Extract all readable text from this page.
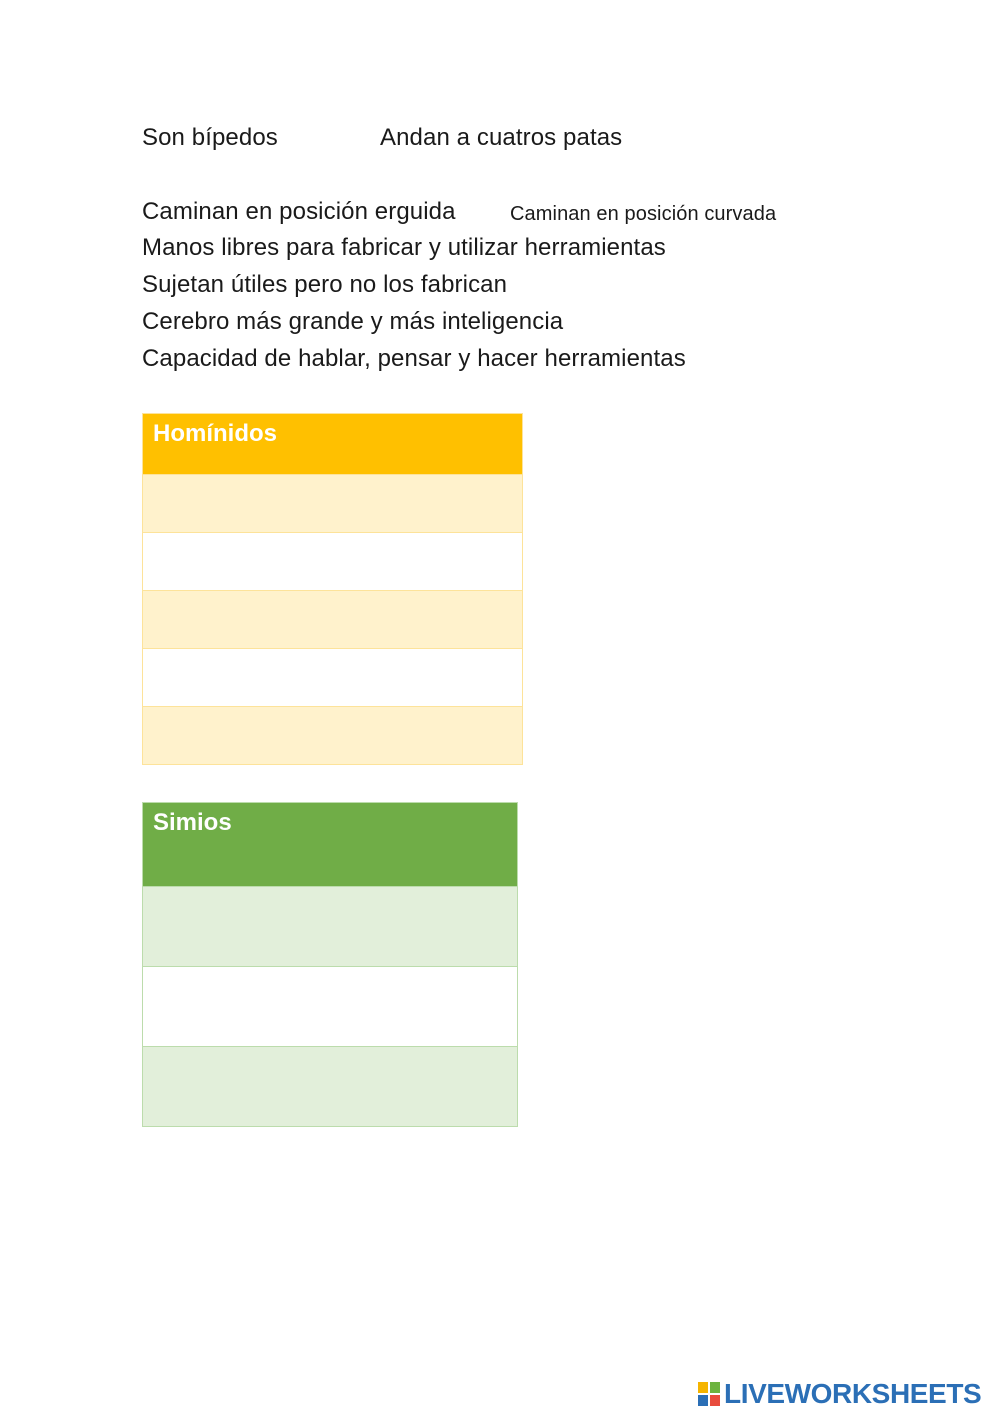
Son bípedos	Andan a cuatros patas
Caminan en posición erguida	Caminan en posición curvada
Manos libres para fabricar y utilizar herramientas
Sujetan útiles pero no los fabrican
Cerebro más grande y más inteligencia
Capacidad de hablar, pensar y hacer herramientas
Homínidos
Simios
LIVEWORKSHEETS
